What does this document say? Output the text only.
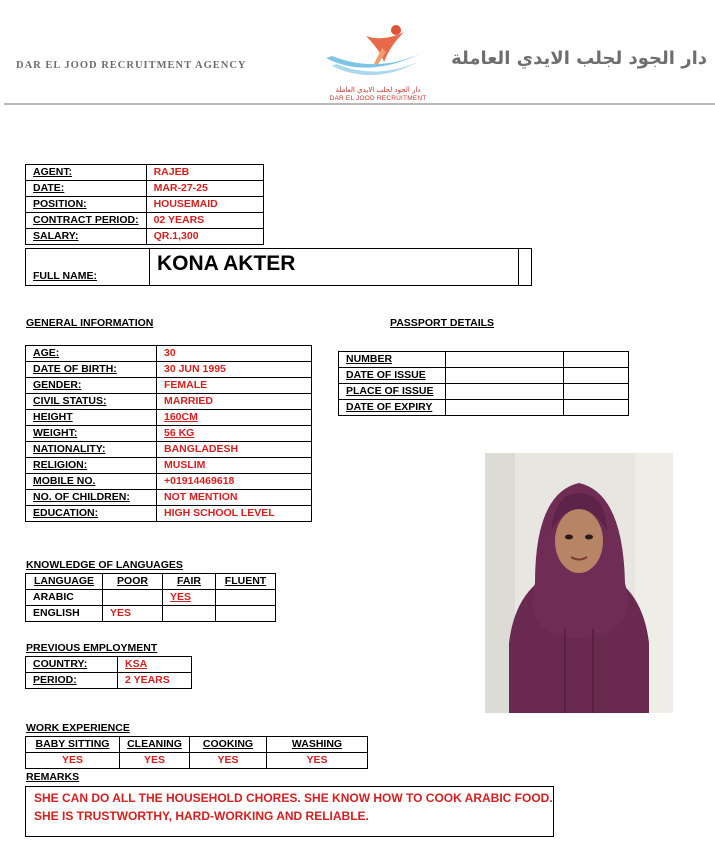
DAR EL JOOD RECRUITMENT AGENCY
دار الجود لجلب الايدي العاملة
DAR EL JOOD RECRUITMENT
دار الجود لجلب الايدي العاملة
AGENT:	RAJEB
DATE:	MAR-27-25
POSITION:	HOUSEMAID
CONTRACT PERIOD:	02 YEARS
SALARY:	QR.1,300
FULL NAME:	KONA AKTER	
GENERAL INFORMATION
AGE:	30
DATE OF BIRTH:	30 JUN 1995
GENDER:	FEMALE
CIVIL STATUS:	MARRIED
HEIGHT	160CM
WEIGHT:	56 KG
NATIONALITY:	BANGLADESH
RELIGION:	MUSLIM
MOBILE NO.	+01914469618
NO. OF CHILDREN:	NOT MENTION
EDUCATION:	HIGH SCHOOL LEVEL
PASSPORT DETAILS
NUMBER		
DATE OF ISSUE		
PLACE OF ISSUE		
DATE OF EXPIRY		
KNOWLEDGE OF LANGUAGES
LANGUAGE	POOR	FAIR	FLUENT
ARABIC		YES	
ENGLISH	YES		
PREVIOUS EMPLOYMENT
COUNTRY:	KSA
PERIOD:	2 YEARS
WORK EXPERIENCE
BABY SITTING	CLEANING	COOKING	WASHING
YES	YES	YES	YES
REMARKS
SHE CAN DO ALL THE HOUSEHOLD CHORES. SHE KNOW HOW TO COOK ARABIC FOOD.
SHE IS TRUSTWORTHY, HARD-WORKING AND RELIABLE.
